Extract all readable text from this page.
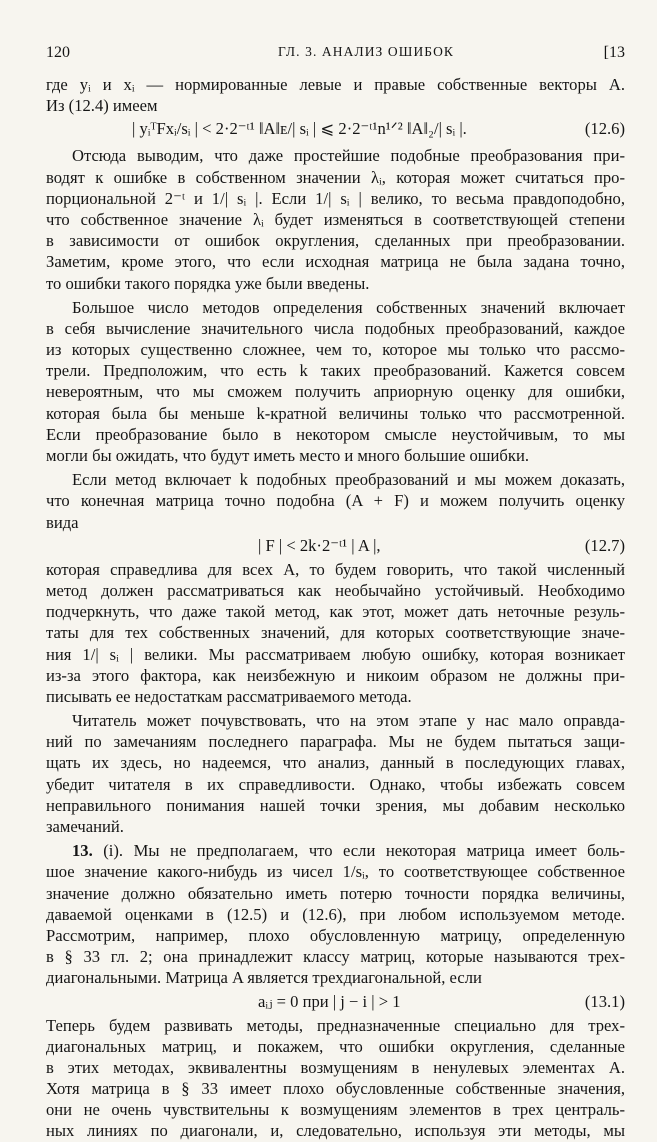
120	ГЛ. 3. АНАЛИЗ ОШИБОК	[13
где yᵢ и xᵢ — нормированные левые и правые собственные векторы A.
Из (12.4) имеем
| yᵢᵀFxᵢ/sᵢ | < 2·2⁻ᵗ¹ ‖A‖ᴇ/| sᵢ | ⩽ 2·2⁻ᵗ¹n¹ᐟ² ‖A‖₂/| sᵢ |.	(12.6)
Отсюда выводим, что даже простейшие подобные преобразования при-
водят к ошибке в собственном значении λᵢ, которая может считаться про-
порциональной 2⁻ᵗ и 1/| sᵢ |. Если 1/| sᵢ | велико, то весьма правдоподобно,
что собственное значение λᵢ будет изменяться в соответствующей степени
в зависимости от ошибок округления, сделанных при преобразовании.
Заметим, кроме этого, что если исходная матрица не была задана точно,
то ошибки такого порядка уже были введены.
Большое число методов определения собственных значений включает
в себя вычисление значительного числа подобных преобразований, каждое
из которых существенно сложнее, чем то, которое мы только что рассмо-
трели. Предположим, что есть k таких преобразований. Кажется совсем
невероятным, что мы сможем получить априорную оценку для ошибки,
которая была бы меньше k-кратной величины только что рассмотренной.
Если преобразование было в некотором смысле неустойчивым, то мы
могли бы ожидать, что будут иметь место и много большие ошибки.
Если метод включает k подобных преобразований и мы можем доказать,
что конечная матрица точно подобна (A + F) и можем получить оценку
вида
| F | < 2k·2⁻ᵗ¹ | A |,	(12.7)
которая справедлива для всех A, то будем говорить, что такой численный
метод должен рассматриваться как необычайно устойчивый. Необходимо
подчеркнуть, что даже такой метод, как этот, может дать неточные резуль-
таты для тех собственных значений, для которых соответствующие значе-
ния 1/| sᵢ | велики. Мы рассматриваем любую ошибку, которая возникает
из-за этого фактора, как неизбежную и никоим образом не должны при-
писывать ее недостаткам рассматриваемого метода.
Читатель может почувствовать, что на этом этапе у нас мало оправда-
ний по замечаниям последнего параграфа. Мы не будем пытаться защи-
щать их здесь, но надеемся, что анализ, данный в последующих главах,
убедит читателя в их справедливости. Однако, чтобы избежать совсем
неправильного понимания нашей точки зрения, мы добавим несколько
замечаний.
13. (i). Мы не предполагаем, что если некоторая матрица имеет боль-
шое значение какого-нибудь из чисел 1/sᵢ, то соответствующее собственное
значение должно обязательно иметь потерю точности порядка величины,
даваемой оценками в (12.5) и (12.6), при любом используемом методе.
Рассмотрим, например, плохо обусловленную матрицу, определенную
в § 33 гл. 2; она принадлежит классу матриц, которые называются трех-
диагональными. Матрица A является трехдиагональной, если
aᵢⱼ = 0 при | j − i | > 1	(13.1)
Теперь будем развивать методы, предназначенные специально для трех-
диагональных матриц, и покажем, что ошибки округления, сделанные
в этих методах, эквивалентны возмущениям в ненулевых элементах A.
Хотя матрица в § 33 имеет плохо обусловленные собственные значения,
они не очень чувствительны к возмущениям элементов в трех централь-
ных линиях по диагонали, и, следовательно, используя эти методы, мы
